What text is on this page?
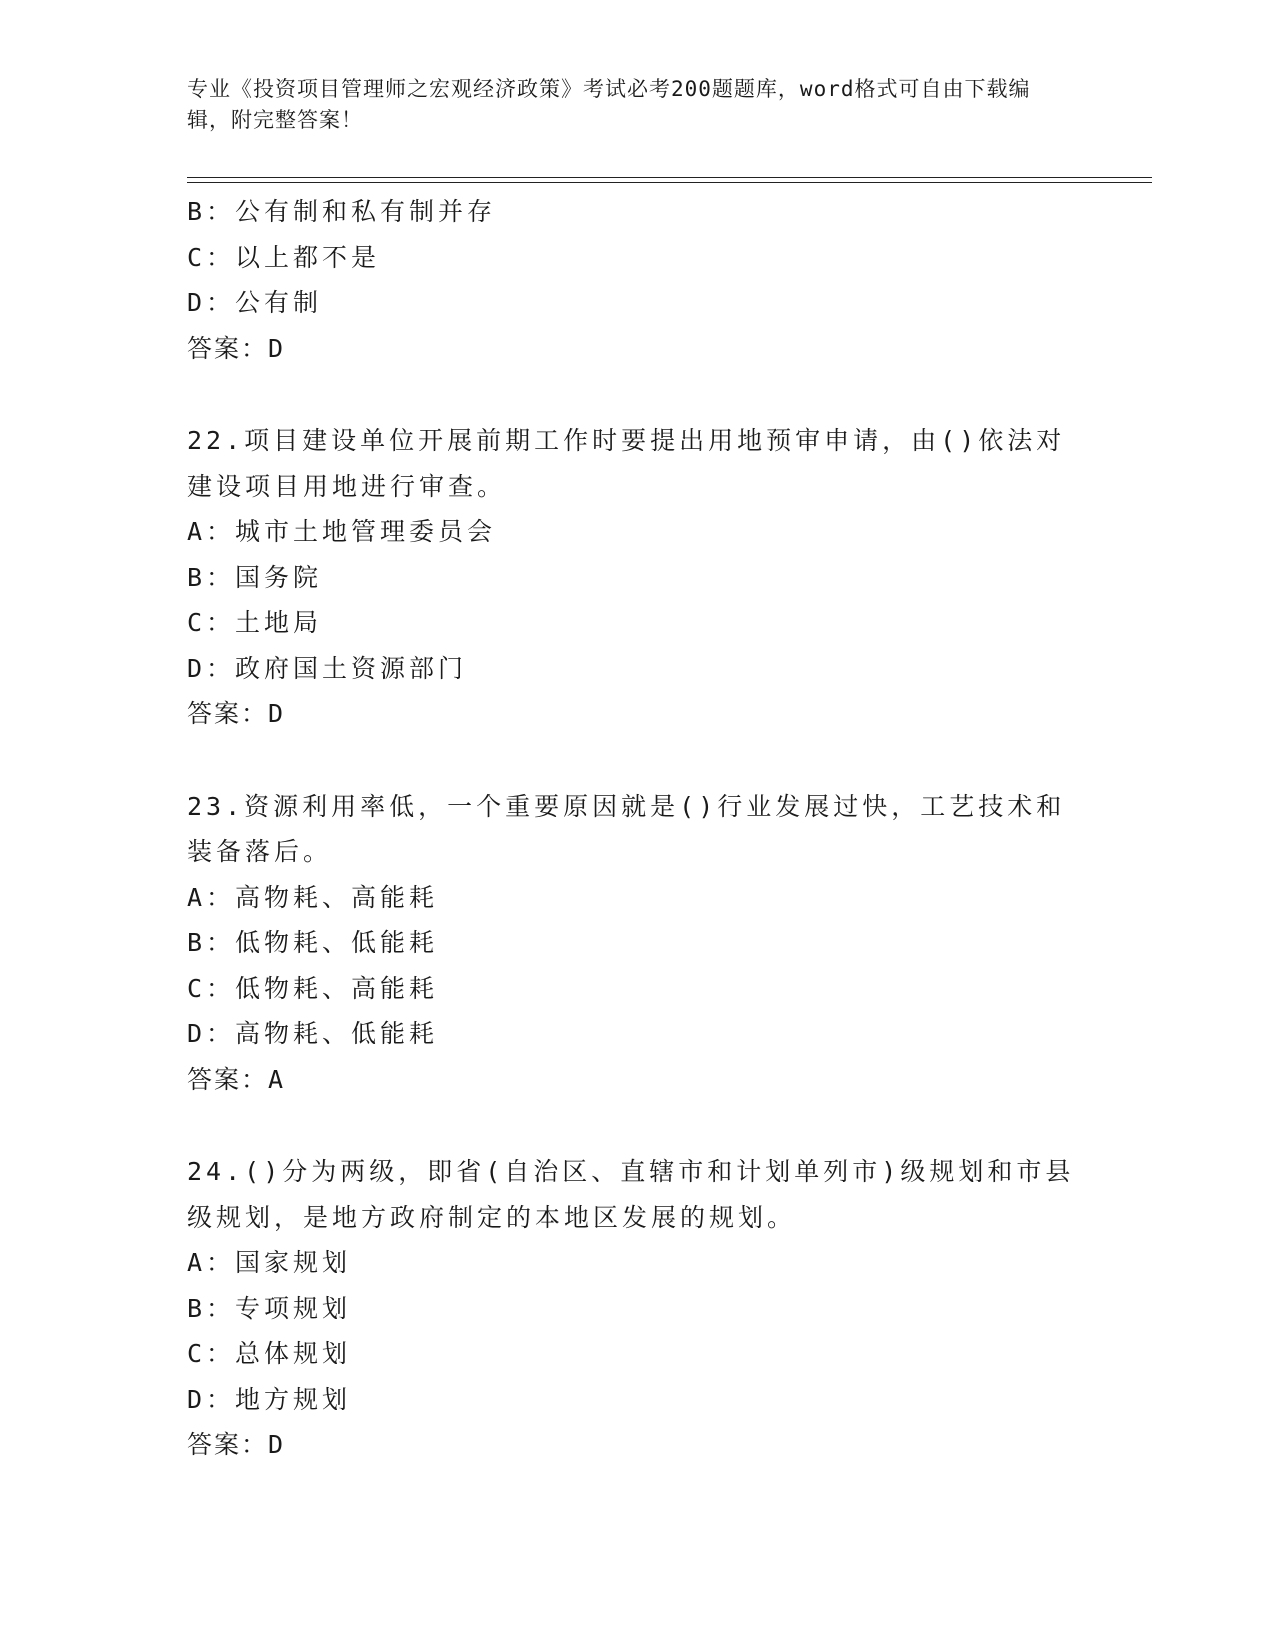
专业《投资项目管理师之宏观经济政策》考试必考200题题库，word格式可自由下载编辑，附完整答案！
B：公有制和私有制并存
C：以上都不是
D：公有制
答案：D
22.项目建设单位开展前期工作时要提出用地预审申请，由()依法对建设项目用地进行审查。
A：城市土地管理委员会
B：国务院
C：土地局
D：政府国土资源部门
答案：D
23.资源利用率低，一个重要原因就是()行业发展过快，工艺技术和装备落后。
A：高物耗、高能耗
B：低物耗、低能耗
C：低物耗、高能耗
D：高物耗、低能耗
答案：A
24.()分为两级，即省(自治区、直辖市和计划单列市)级规划和市县级规划，是地方政府制定的本地区发展的规划。
A：国家规划
B：专项规划
C：总体规划
D：地方规划
答案：D
